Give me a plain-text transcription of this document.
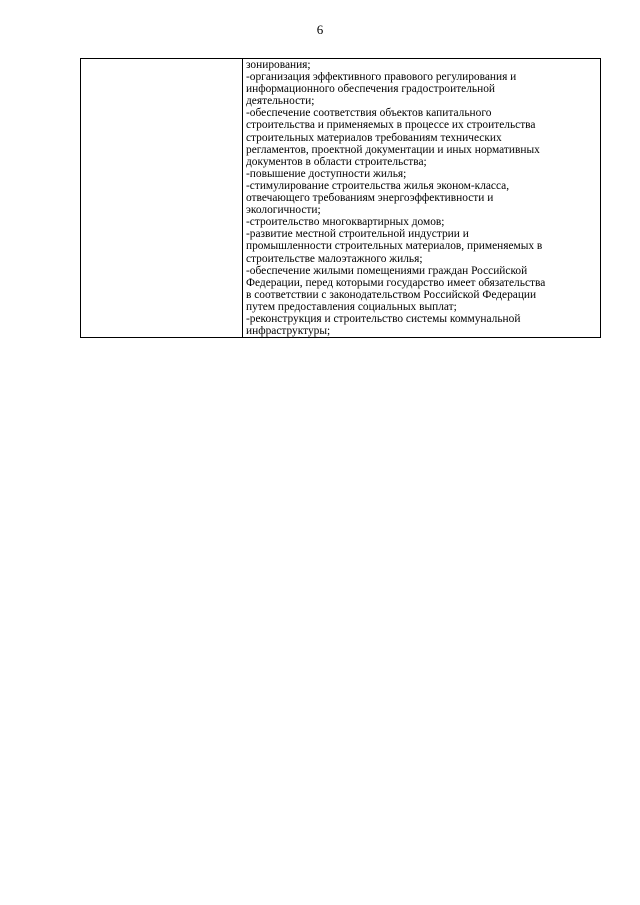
6

зонирования;
-организация эффективного правового регулирования и
информационного обеспечения градостроительной
деятельности;
-обеспечение соответствия объектов капитального
строительства и применяемых в процессе их строительства
строительных материалов требованиям технических
регламентов, проектной документации и иных нормативных
документов в области строительства;
-повышение доступности жилья;
-стимулирование строительства жилья эконом-класса,
отвечающего требованиям энергоэффективности и
экологичности;
-строительство многоквартирных домов;
-развитие местной строительной индустрии и
промышленности строительных материалов, применяемых в
строительстве малоэтажного жилья;
-обеспечение жилыми помещениями граждан Российской
Федерации, перед которыми государство имеет обязательства
в соответствии с законодательством Российской Федерации
путем предоставления социальных выплат;
-реконструкция и строительство системы коммунальной
инфраструктуры;
